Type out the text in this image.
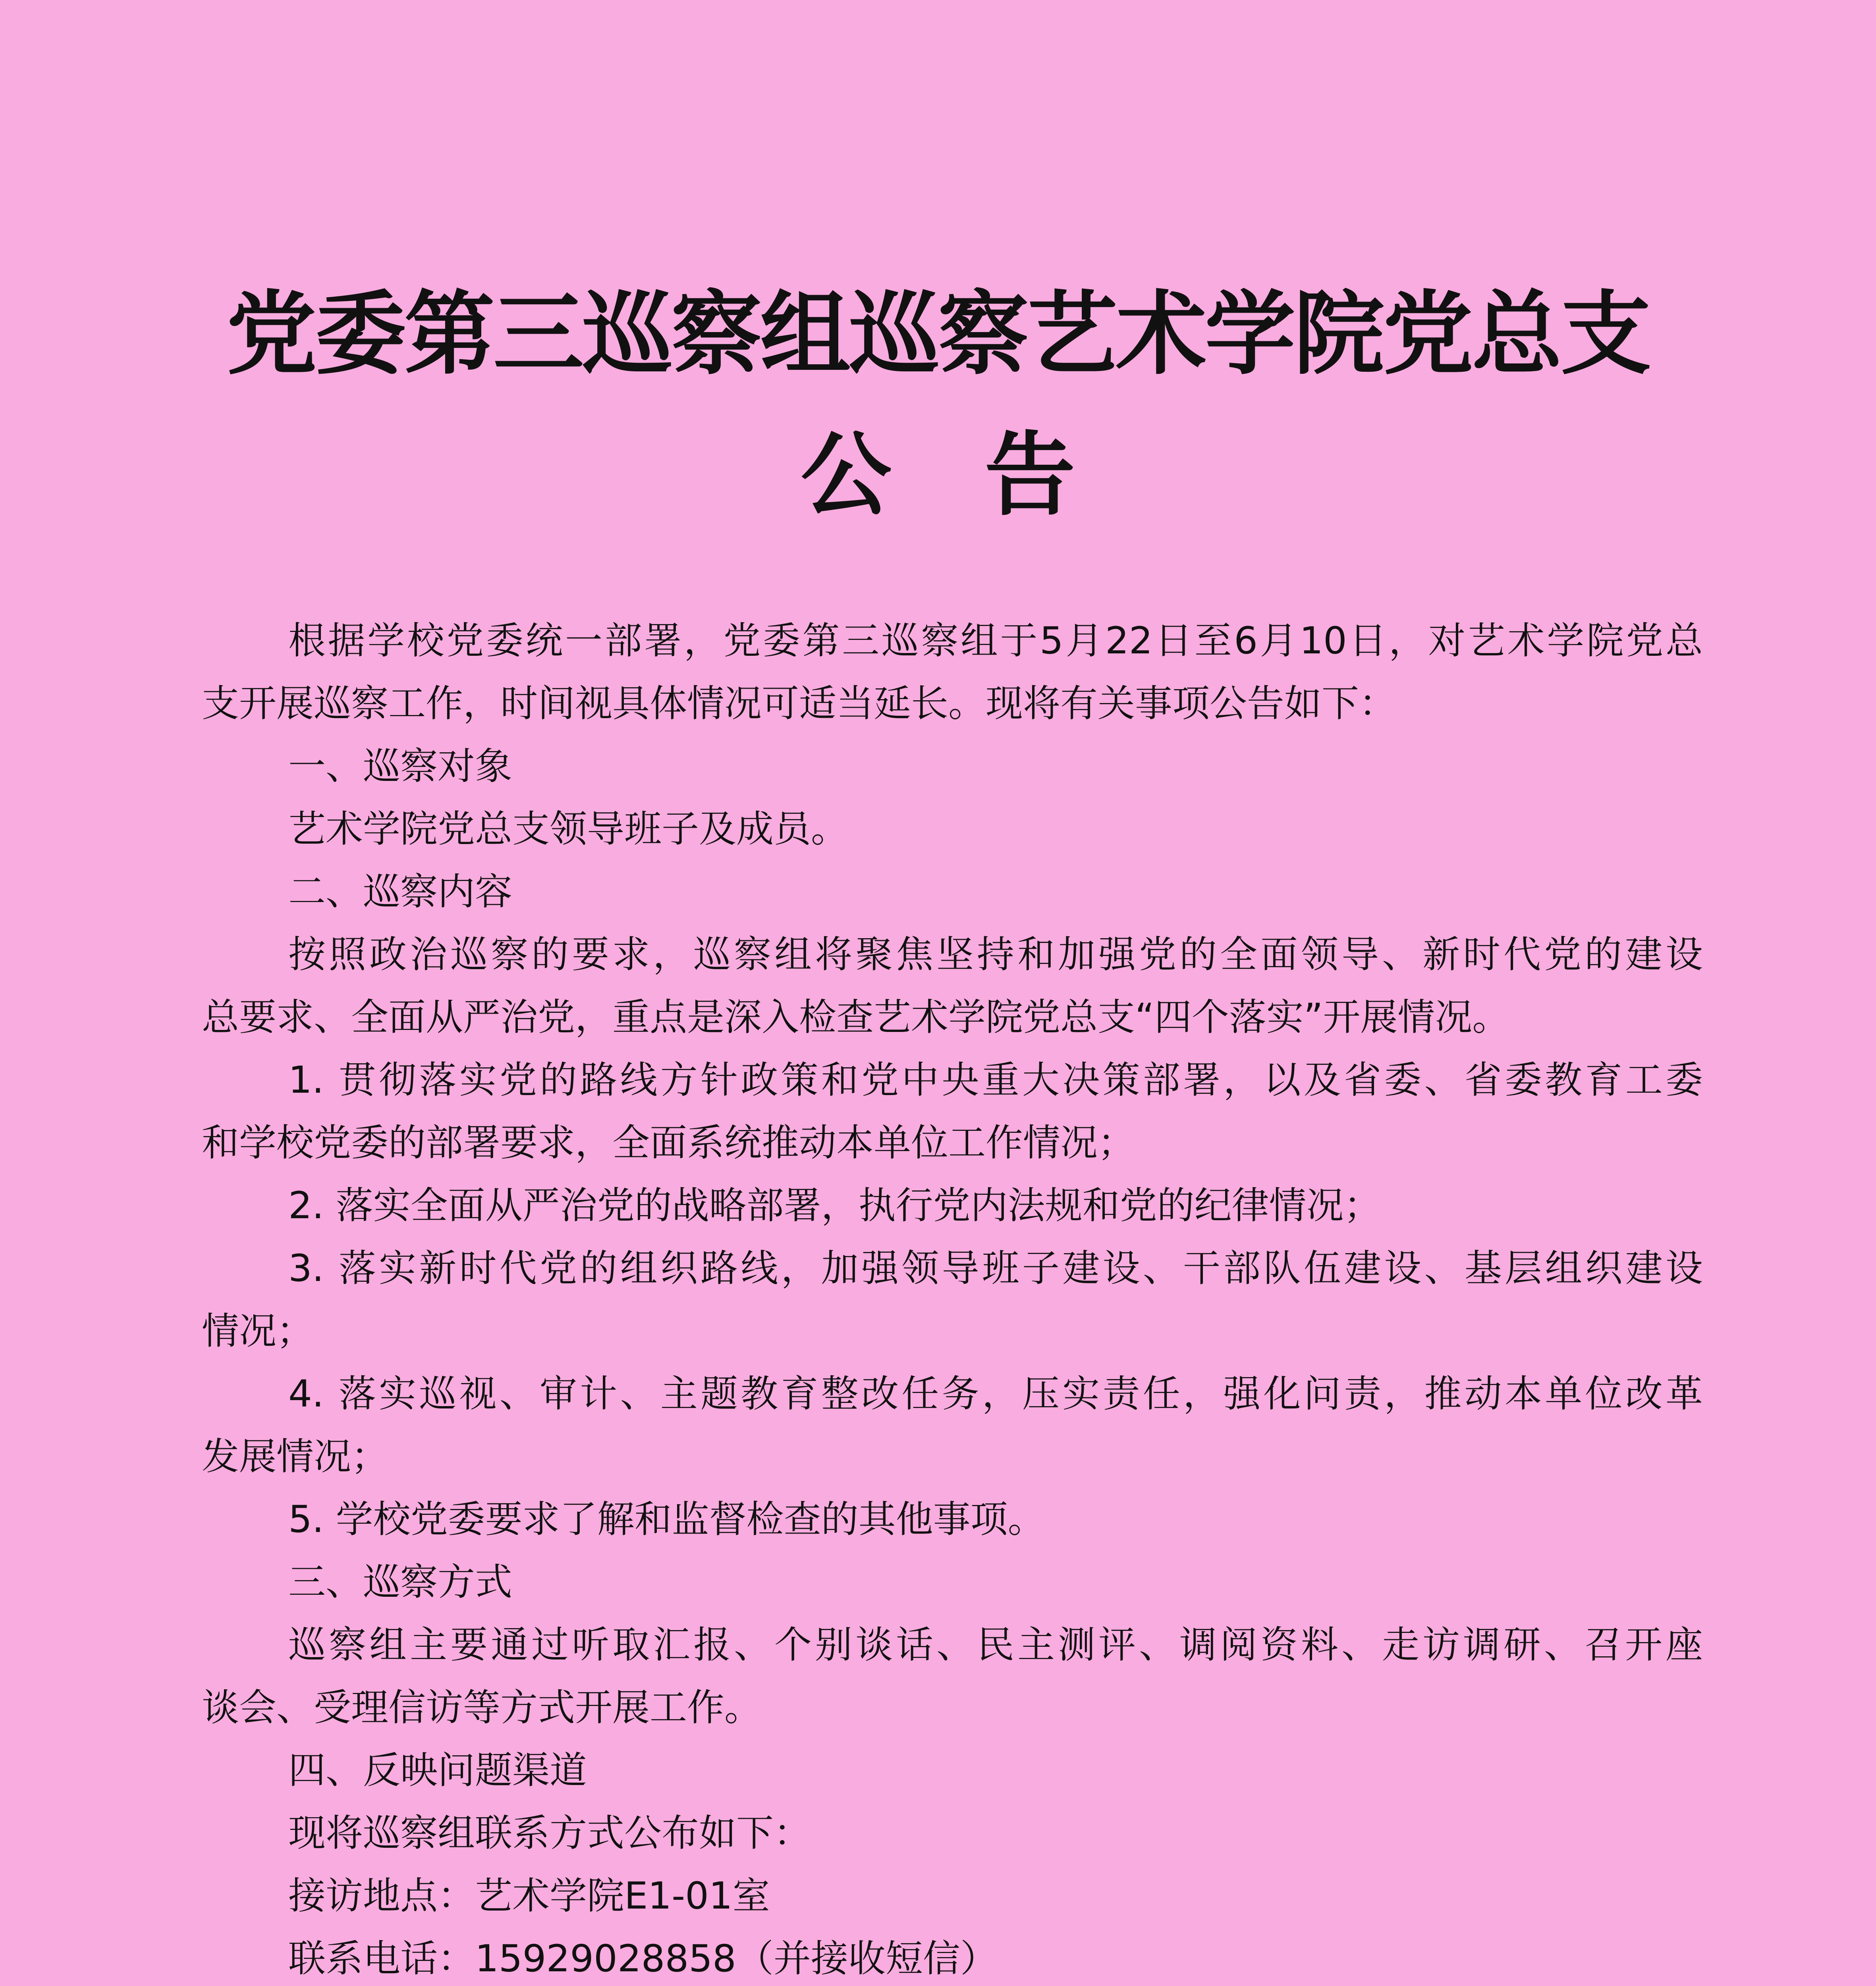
党委第三巡察组巡察艺术学院党总支
公 告

根据学校党委统一部署，党委第三巡察组于5月22日至6月10日，对艺术学院党总

支开展巡察工作，时间视具体情况可适当延长。现将有关事项公告如下：

一、巡察对象

艺术学院党总支领导班子及成员。

二、巡察内容

按照政治巡察的要求，巡察组将聚焦坚持和加强党的全面领导、新时代党的建设

总要求、全面从严治党，重点是深入检查艺术学院党总支“四个落实”开展情况。

1. 贯彻落实党的路线方针政策和党中央重大决策部署，以及省委、省委教育工委

和学校党委的部署要求，全面系统推动本单位工作情况；

2. 落实全面从严治党的战略部署，执行党内法规和党的纪律情况；

3. 落实新时代党的组织路线，加强领导班子建设、干部队伍建设、基层组织建设

情况；

4. 落实巡视、审计、主题教育整改任务，压实责任，强化问责，推动本单位改革

发展情况；

5. 学校党委要求了解和监督检查的其他事项。

三、巡察方式

巡察组主要通过听取汇报、个别谈话、民主测评、调阅资料、走访调研、召开座

谈会、受理信访等方式开展工作。

四、反映问题渠道

现将巡察组联系方式公布如下：

接访地点：艺术学院E1-01室

联系电话：15929028858（并接收短信）
